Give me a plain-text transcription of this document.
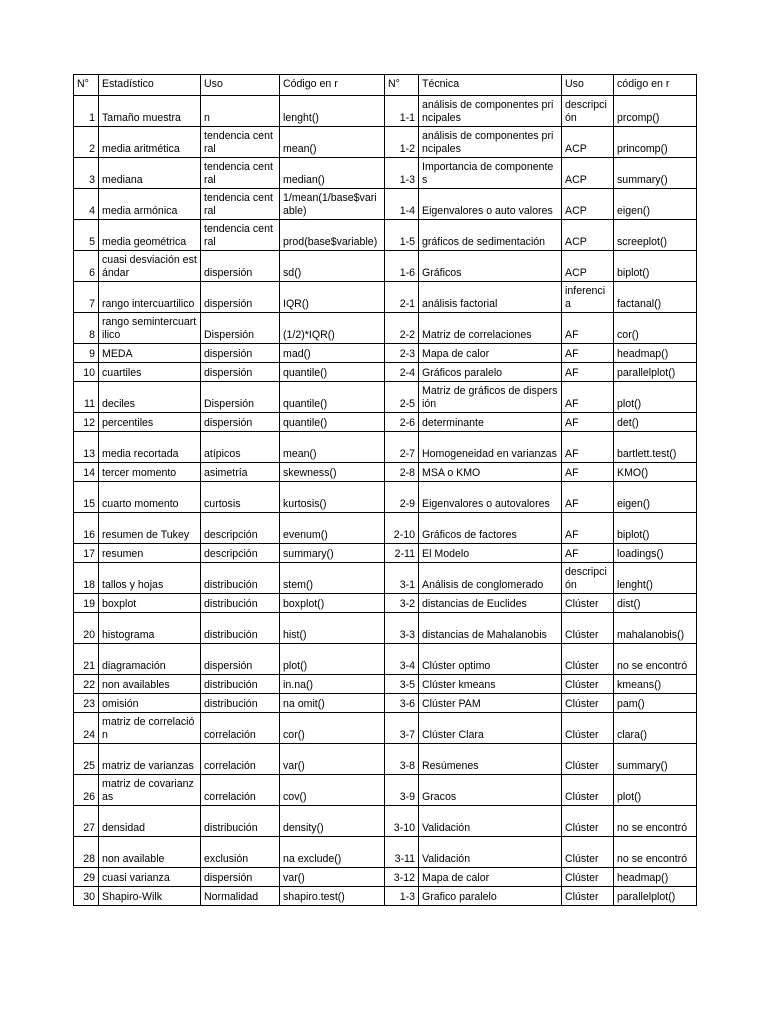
N°	Estadístico	Uso	Código en r	N°	Técnica	Uso	código en r
1	Tamaño muestra	n	lenght()	1-1	análisis de componentes principales	descripción	prcomp()
2	media aritmética	tendencia central	mean()	1-2	análisis de componentes principales	ACP	princomp()
3	mediana	tendencia central	median()	1-3	Importancia de componentes	ACP	summary()
4	media armónica	tendencia central	1/mean(1/base$variable)	1-4	Eigenvalores o auto valores	ACP	eigen()
5	media geométrica	tendencia central	prod(base$variable)	1-5	gráficos de sedimentación	ACP	screeplot()
6	cuasi desviación estándar	dispersión	sd()	1-6	Gráficos	ACP	biplot()
7	rango intercuartilico	dispersión	IQR()	2-1	análisis factorial	inferencia	factanal()
8	rango semintercuartilico	Dispersión	(1/2)*IQR()	2-2	Matriz de correlaciones	AF	cor()
9	MEDA	dispersión	mad()	2-3	Mapa de calor	AF	headmap()
10	cuartiles	dispersión	quantile()	2-4	Gráficos paralelo	AF	parallelplot()
11	deciles	Dispersión	quantile()	2-5	Matriz de gráficos de dispersión	AF	plot()
12	percentiles	dispersión	quantile()	2-6	determinante	AF	det()
13	media recortada	atípicos	mean()	2-7	Homogeneidad en varianzas	AF	bartlett.test()
14	tercer momento	asimetría	skewness()	2-8	MSA o KMO	AF	KMO()
15	cuarto momento	curtosis	kurtosis()	2-9	Eigenvalores o autovalores	AF	eigen()
16	resumen de Tukey	descripción	evenum()	2-10	Gráficos de factores	AF	biplot()
17	resumen	descripción	summary()	2-11	El Modelo	AF	loadings()
18	tallos y hojas	distribución	stem()	3-1	Análisis de conglomerado	descripción	lenght()
19	boxplot	distribución	boxplot()	3-2	distancias de Euclides	Clúster	dist()
20	histograma	distribución	hist()	3-3	distancias de Mahalanobis	Clúster	mahalanobis()
21	diagramación	dispersión	plot()	3-4	Clúster optimo	Clúster	no se encontró
22	non availables	distribución	in.na()	3-5	Clúster kmeans	Clúster	kmeans()
23	omisión	distribución	na omit()	3-6	Clúster PAM	Clúster	pam()
24	matriz de correlación	correlación	cor()	3-7	Clúster Clara	Clúster	clara()
25	matriz de varianzas	correlación	var()	3-8	Resúmenes	Clúster	summary()
26	matriz de covarianzas	correlación	cov()	3-9	Gracos	Clúster	plot()
27	densidad	distribución	density()	3-10	Validación	Clúster	no se encontró
28	non available	exclusión	na exclude()	3-11	Validación	Clúster	no se encontró
29	cuasi varianza	dispersión	var()	3-12	Mapa de calor	Clúster	headmap()
30	Shapiro-Wilk	Normalidad	shapiro.test()	1-3	Grafico paralelo	Clúster	parallelplot()
